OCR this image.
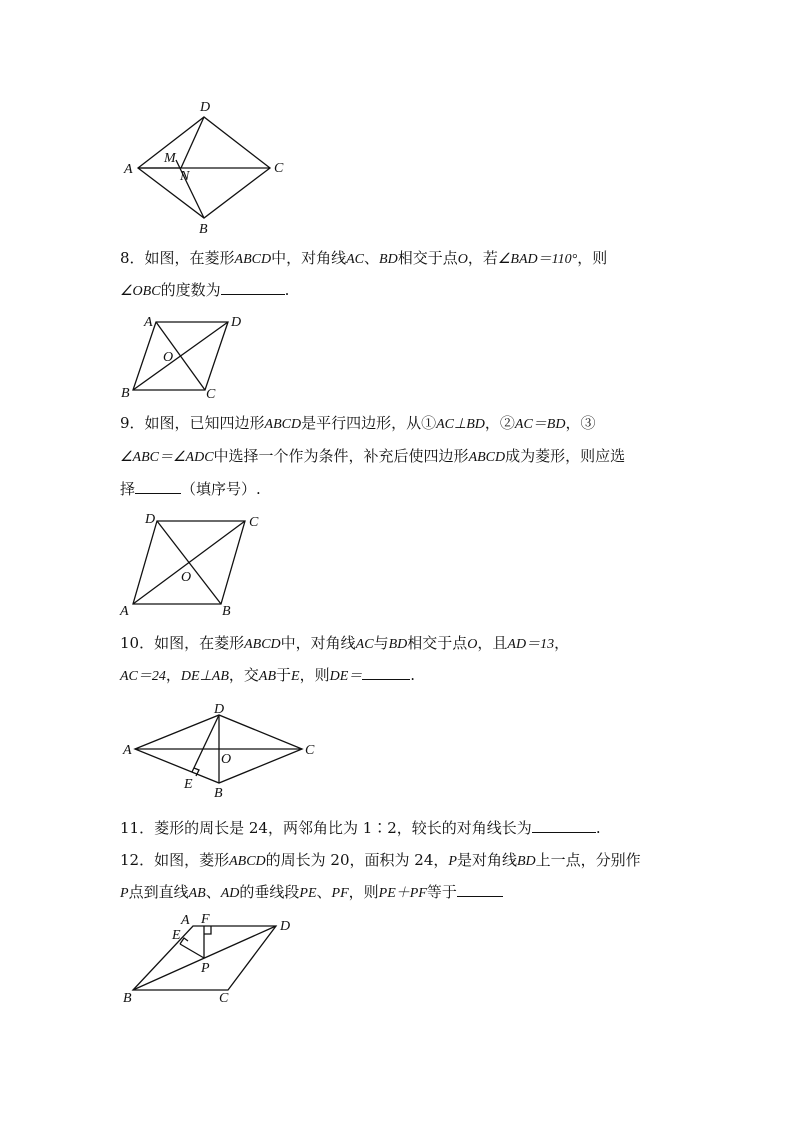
D
A
M
N
C
B
8．如图，在菱形ABCD中，对角线AC、BD相交于点O，若∠BAD＝110°，则
∠OBC的度数为	.
A	D
O
B	C
9．如图，已知四边形ABCD是平行四边形，从①AC⊥BD，②AC＝BD，③
∠ABC＝∠ADC中选择一个作为条件，补充后使四边形ABCD成为菱形，则应选
择	（填序号）.
D	C
O
A	B
10．如图，在菱形ABCD中，对角线AC与BD相交于点O，且AD＝13，
AC＝24，DE⊥AB，交AB于E，则DE＝	.
D
A
O
C
E
B
11．菱形的周长是 24，两邻角比为 1∶2，较长的对角线长为	.
12．如图，菱形ABCD的周长为 20，面积为 24，P是对角线BD上一点，分别作
P点到直线AB、AD的垂线段PE、PF，则PE＋PF等于
A F
E
D
P
B	C
